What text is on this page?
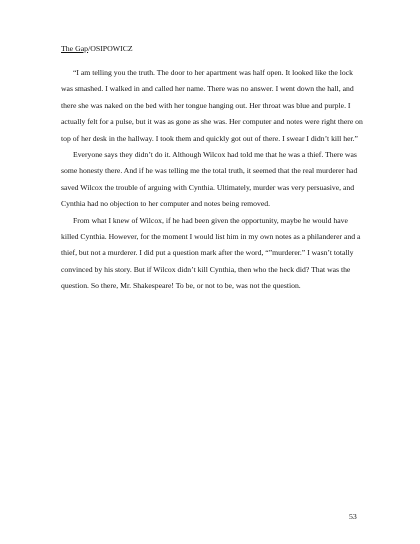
The Gap/OSIPOWICZ

“I am telling you the truth. The door to her apartment was half open. It looked like the lock was smashed. I walked in and called her name. There was no answer. I went down the hall, and there she was naked on the bed with her tongue hanging out. Her throat was blue and purple. I actually felt for a pulse, but it was as gone as she was. Her computer and notes were right there on top of her desk in the hallway. I took them and quickly got out of there. I swear I didn’t kill her.”

Everyone says they didn’t do it. Although Wilcox had told me that he was a thief. There was some honesty there. And if he was telling me the total truth, it seemed that the real murderer had saved Wilcox the trouble of arguing with Cynthia. Ultimately, murder was very persuasive, and Cynthia had no objection to her computer and notes being removed.

From what I knew of Wilcox, if he had been given the opportunity, maybe he would have killed Cynthia. However, for the moment I would list him in my own notes as a philanderer and a thief, but not a murderer. I did put a question mark after the word, “”murderer.” I wasn’t totally convinced by his story. But if Wilcox didn’t kill Cynthia, then who the heck did? That was the question. So there, Mr. Shakespeare! To be, or not to be, was not the question.

53
